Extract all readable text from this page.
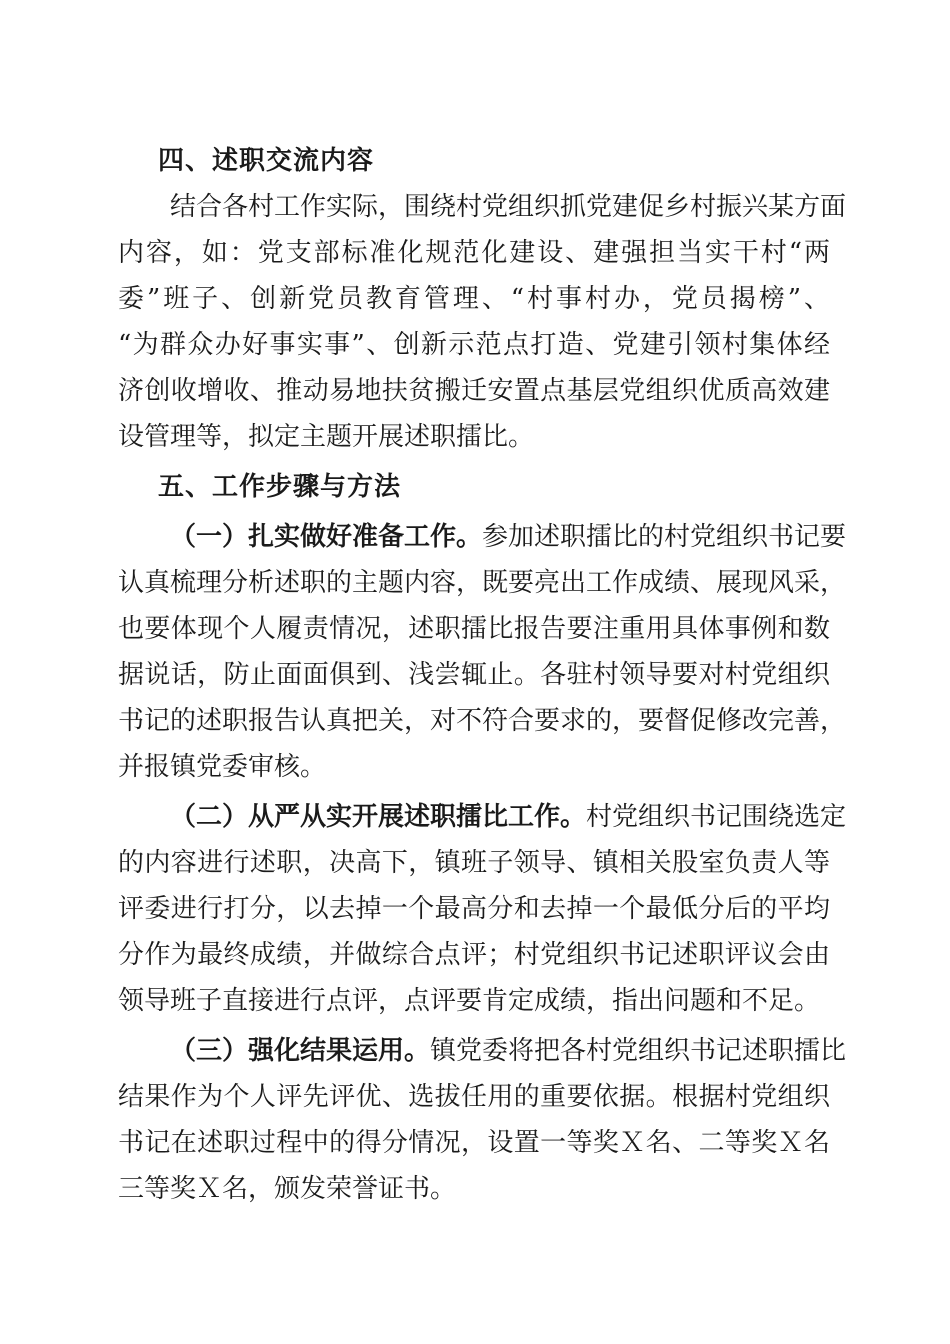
四、述职交流内容

结合各村工作实际，围绕村党组织抓党建促乡村振兴某方面

内容，如：党支部标准化规范化建设、建强担当实干村“两

委”班子、创新党员教育管理、“村事村办，党员揭榜”、

“为群众办好事实事”、创新示范点打造、党建引领村集体经

济创收增收、推动易地扶贫搬迁安置点基层党组织优质高效建

设管理等，拟定主题开展述职擂比。

五、工作步骤与方法

（一）扎实做好准备工作。参加述职擂比的村党组织书记要

认真梳理分析述职的主题内容，既要亮出工作成绩、展现风采，

也要体现个人履责情况，述职擂比报告要注重用具体事例和数

据说话，防止面面俱到、浅尝辄止。各驻村领导要对村党组织

书记的述职报告认真把关，对不符合要求的，要督促修改完善，

并报镇党委审核。

（二）从严从实开展述职擂比工作。村党组织书记围绕选定

的内容进行述职，决高下，镇班子领导、镇相关股室负责人等

评委进行打分，以去掉一个最高分和去掉一个最低分后的平均

分作为最终成绩，并做综合点评；村党组织书记述职评议会由

领导班子直接进行点评，点评要肯定成绩，指出问题和不足。

（三）强化结果运用。镇党委将把各村党组织书记述职擂比

结果作为个人评先评优、选拔任用的重要依据。根据村党组织

书记在述职过程中的得分情况，设置一等奖Ｘ名、二等奖Ｘ名

三等奖Ｘ名，颁发荣誉证书。
